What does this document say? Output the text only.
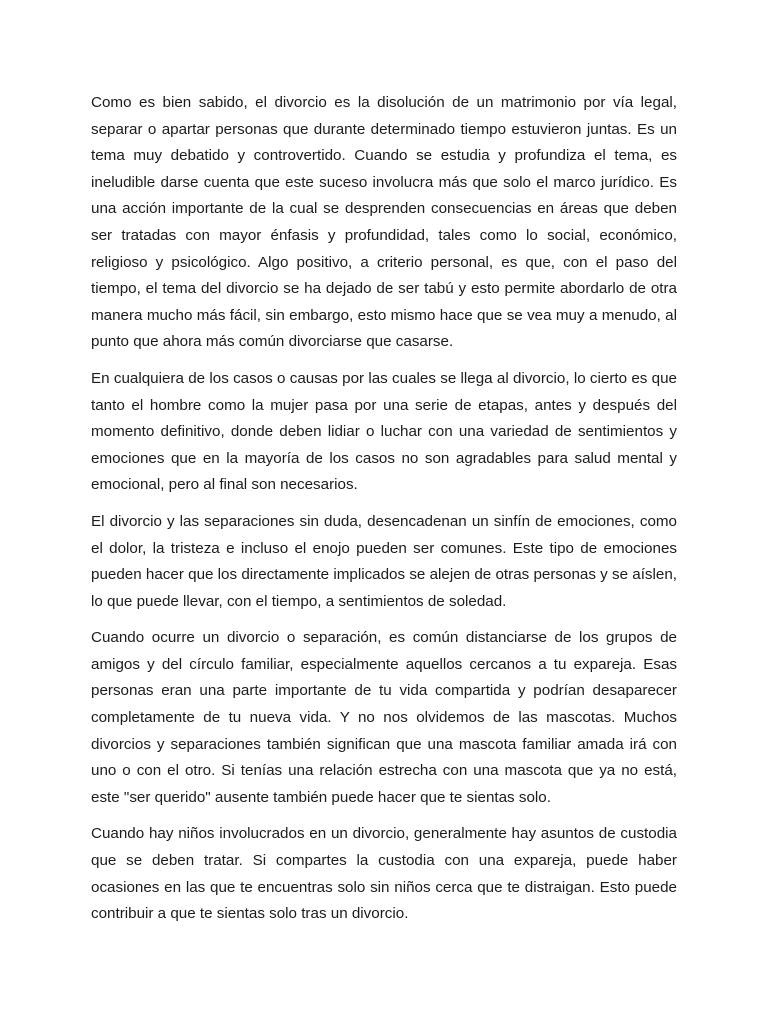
Como es bien sabido, el divorcio es la disolución de un matrimonio por vía legal, separar o apartar personas que durante determinado tiempo estuvieron juntas. Es un tema muy debatido y controvertido. Cuando se estudia y profundiza el tema, es ineludible darse cuenta que este suceso involucra más que solo el marco jurídico. Es una acción importante de la cual se desprenden consecuencias en áreas que deben ser tratadas con mayor énfasis y profundidad, tales como lo social, económico, religioso y psicológico. Algo positivo, a criterio personal, es que, con el paso del tiempo, el tema del divorcio se ha dejado de ser tabú y esto permite abordarlo de otra manera mucho más fácil, sin embargo, esto mismo hace que se vea muy a menudo, al punto que ahora más común divorciarse que casarse.

En cualquiera de los casos o causas por las cuales se llega al divorcio, lo cierto es que tanto el hombre como la mujer pasa por una serie de etapas, antes y después del momento definitivo, donde deben lidiar o luchar con una variedad de sentimientos y emociones que en la mayoría de los casos no son agradables para salud mental y emocional, pero al final son necesarios.

El divorcio y las separaciones sin duda, desencadenan un sinfín de emociones, como el dolor, la tristeza e incluso el enojo pueden ser comunes. Este tipo de emociones pueden hacer que los directamente implicados se alejen de otras personas y se aíslen, lo que puede llevar, con el tiempo, a sentimientos de soledad.

Cuando ocurre un divorcio o separación, es común distanciarse de los grupos de amigos y del círculo familiar, especialmente aquellos cercanos a tu expareja. Esas personas eran una parte importante de tu vida compartida y podrían desaparecer completamente de tu nueva vida. Y no nos olvidemos de las mascotas. Muchos divorcios y separaciones también significan que una mascota familiar amada irá con uno o con el otro. Si tenías una relación estrecha con una mascota que ya no está, este "ser querido" ausente también puede hacer que te sientas solo.

Cuando hay niños involucrados en un divorcio, generalmente hay asuntos de custodia que se deben tratar. Si compartes la custodia con una expareja, puede haber ocasiones en las que te encuentras solo sin niños cerca que te distraigan. Esto puede contribuir a que te sientas solo tras un divorcio.
